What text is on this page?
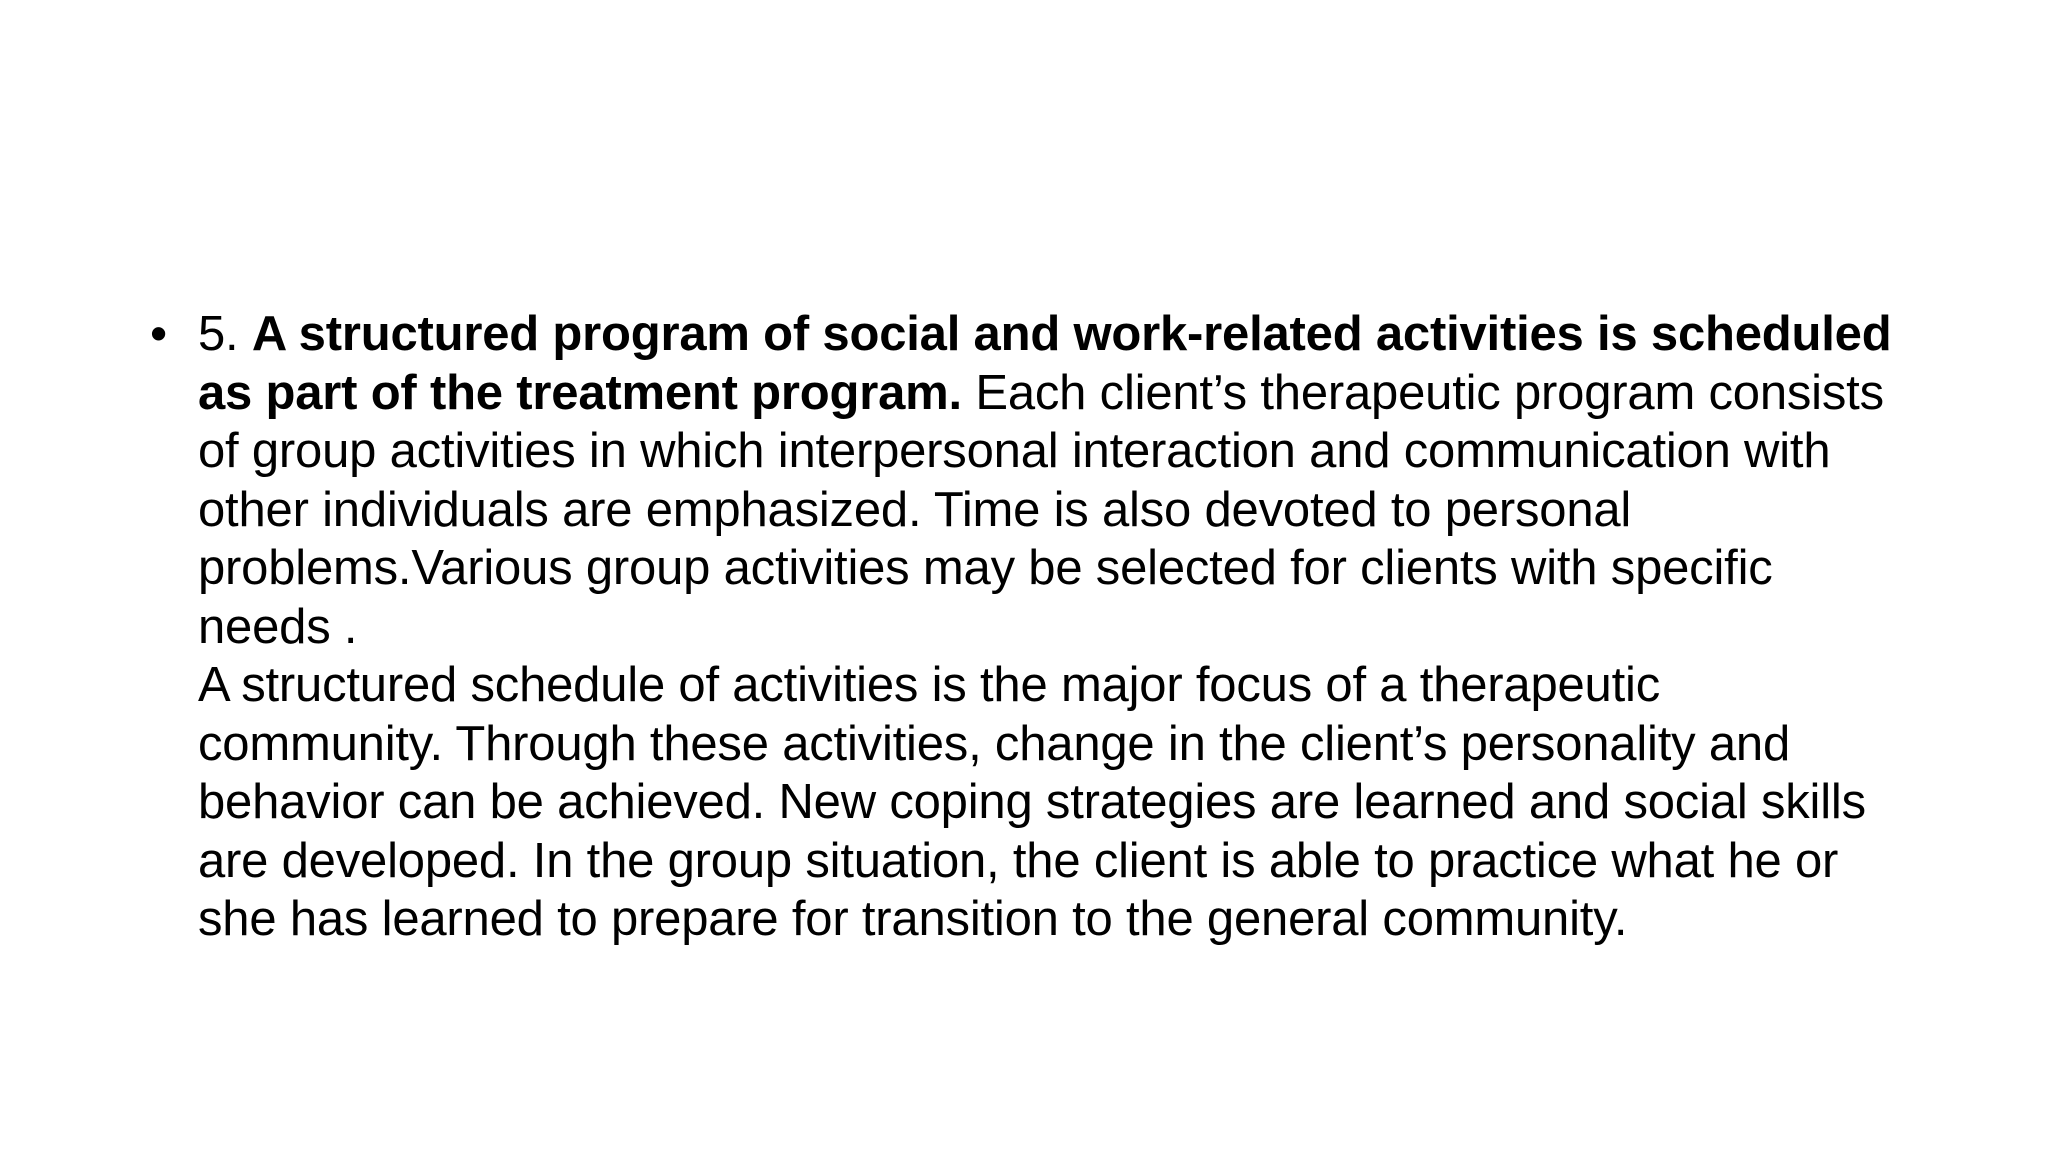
• 5. A structured program of social and work-related activities is scheduled as part of the treatment program. Each client’s therapeutic program consists of group activities in which interpersonal interaction and communication with other individuals are emphasized. Time is also devoted to personal problems.Various group activities may be selected for clients with specific needs .
A structured schedule of activities is the major focus of a therapeutic community. Through these activities, change in the client’s personality and behavior can be achieved. New coping strategies are learned and social skills are developed. In the group situation, the client is able to practice what he or she has learned to prepare for transition to the general community.
